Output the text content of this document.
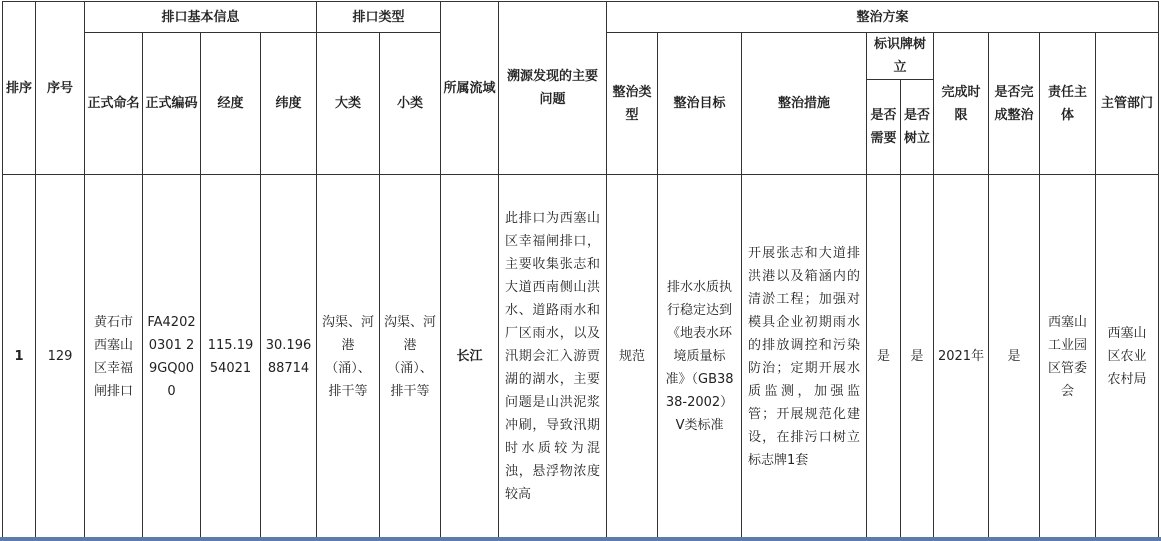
排序	序号	排口基本信息				排口类型		所属流域	溯源发现的主要问题	整治方案								
		正式命名	正式编码	经度	纬度	大类	小类			整治类型	整治目标	整治措施	标识牌树立		完成时限	是否完成整治	责任主体	主管部门
													是否需要	是否树立				
1	129	黄石市西塞山区幸福闸排口	FA42020301 29GQ00 0	115.19 54021	30.196 88714	沟渠、河港（涌）、排干等	沟渠、河港（涌）、排干等	长江	此排口为西塞山区幸福闸排口，主要收集张志和大道西南侧山洪水、道路雨水和厂区雨水，以及汛期会汇入游贾湖的湖水，主要问题是山洪泥浆冲刷，导致汛期时水质较为混浊，悬浮物浓度较高	规范	排水水质执行稳定达到《地表水环境质量标准》（GB3838-2002）V类标准	开展张志和大道排洪港以及箱涵内的清淤工程；加强对模具企业初期雨水的排放调控和污染防治；定期开展水质监测，加强监管；开展规范化建设，在排污口树立标志牌1套	是	是	2021年	是	西塞山工业园区管委会	西塞山区农业农村局
